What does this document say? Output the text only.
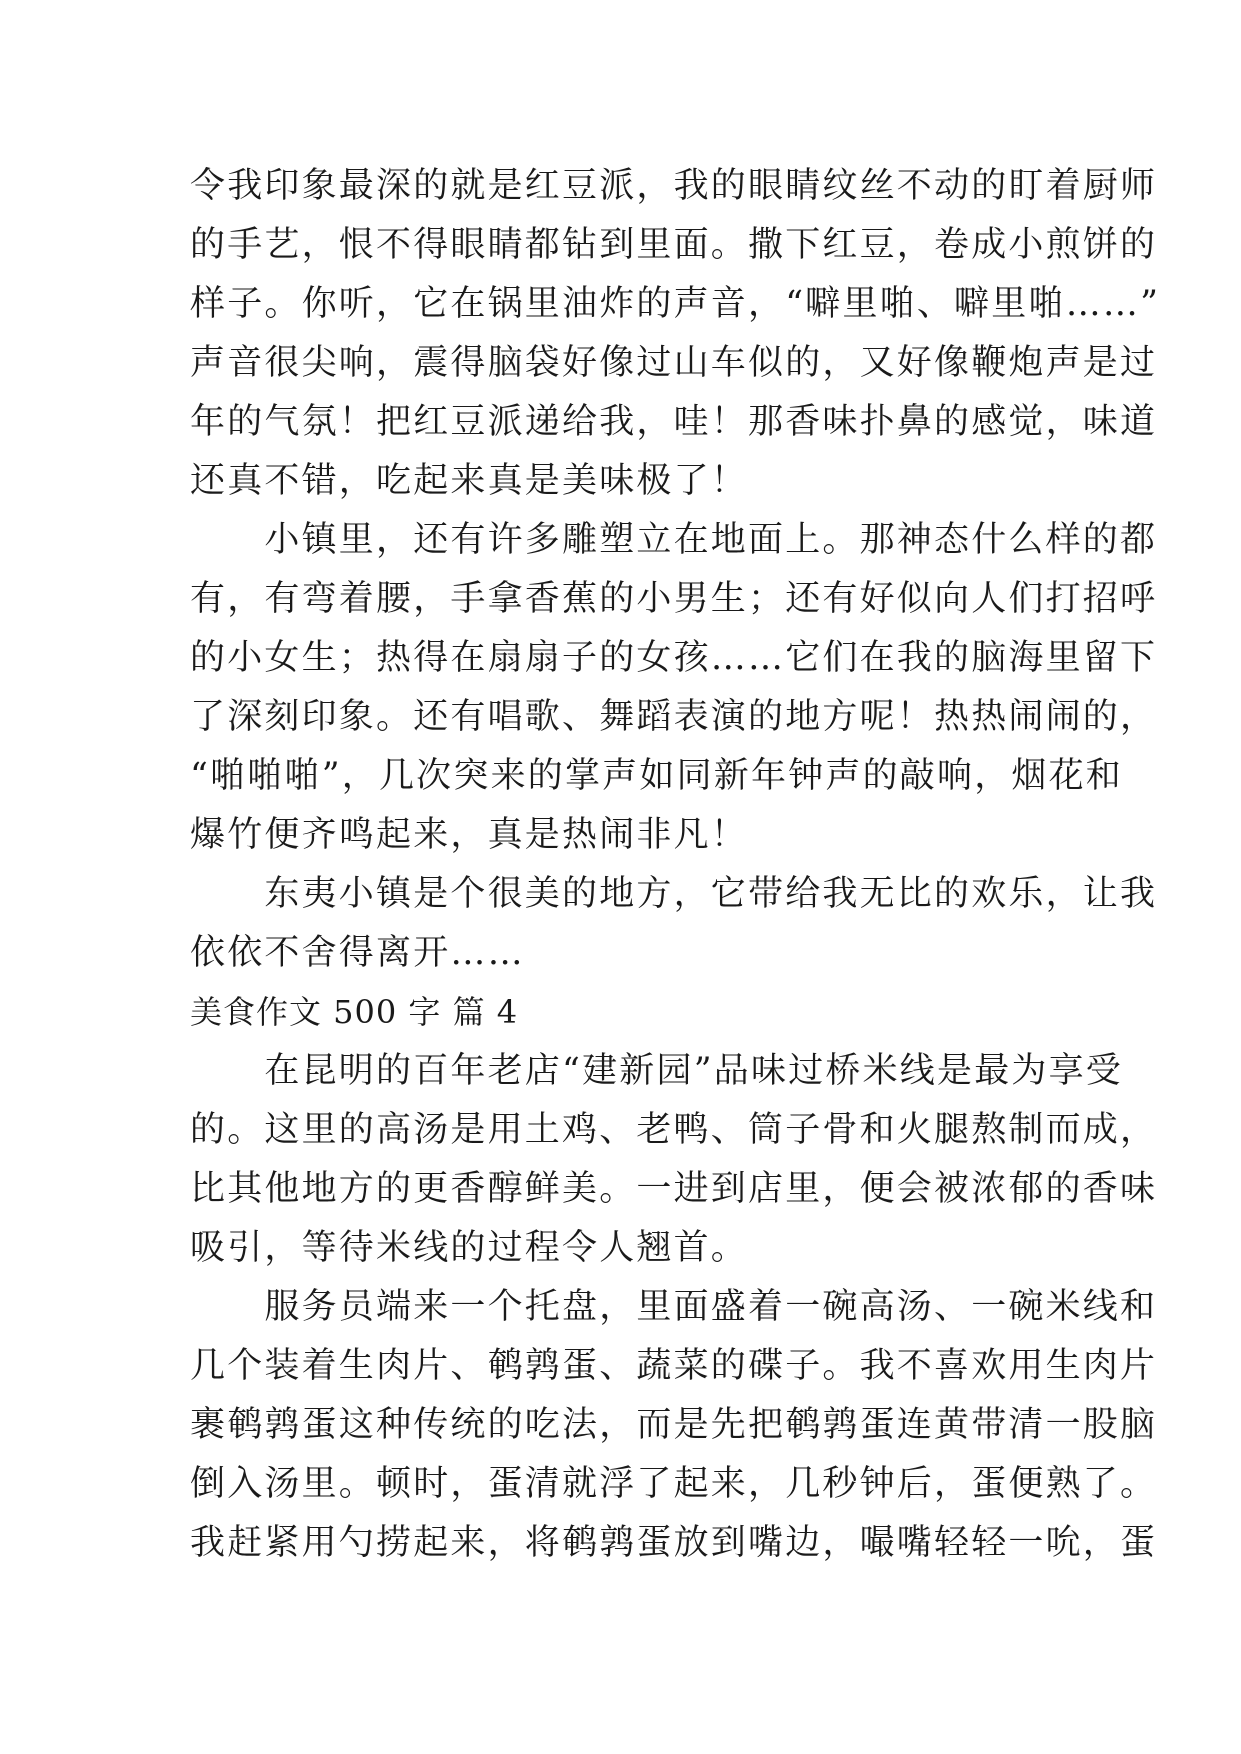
令我印象最深的就是红豆派，我的眼睛纹丝不动的盯着厨师
的手艺，恨不得眼睛都钻到里面。撒下红豆，卷成小煎饼的
样子。你听，它在锅里油炸的声音，“噼里啪、噼里啪……”
声音很尖响，震得脑袋好像过山车似的，又好像鞭炮声是过
年的气氛！把红豆派递给我，哇！那香味扑鼻的感觉，味道
还真不错，吃起来真是美味极了！
　　小镇里，还有许多雕塑立在地面上。那神态什么样的都
有，有弯着腰，手拿香蕉的小男生；还有好似向人们打招呼
的小女生；热得在扇扇子的女孩……它们在我的脑海里留下
了深刻印象。还有唱歌、舞蹈表演的地方呢！热热闹闹的，
“啪啪啪”，几次突来的掌声如同新年钟声的敲响，烟花和
爆竹便齐鸣起来，真是热闹非凡！
　　东夷小镇是个很美的地方，它带给我无比的欢乐，让我
依依不舍得离开……
美食作文 500 字 篇 4
　　在昆明的百年老店“建新园”品味过桥米线是最为享受
的。这里的高汤是用土鸡、老鸭、筒子骨和火腿熬制而成，
比其他地方的更香醇鲜美。一进到店里，便会被浓郁的香味
吸引，等待米线的过程令人翘首。
　　服务员端来一个托盘，里面盛着一碗高汤、一碗米线和
几个装着生肉片、鹌鹑蛋、蔬菜的碟子。我不喜欢用生肉片
裹鹌鹑蛋这种传统的吃法，而是先把鹌鹑蛋连黄带清一股脑
倒入汤里。顿时，蛋清就浮了起来，几秒钟后，蛋便熟了。
我赶紧用勺捞起来，将鹌鹑蛋放到嘴边，嘬嘴轻轻一吮，蛋
